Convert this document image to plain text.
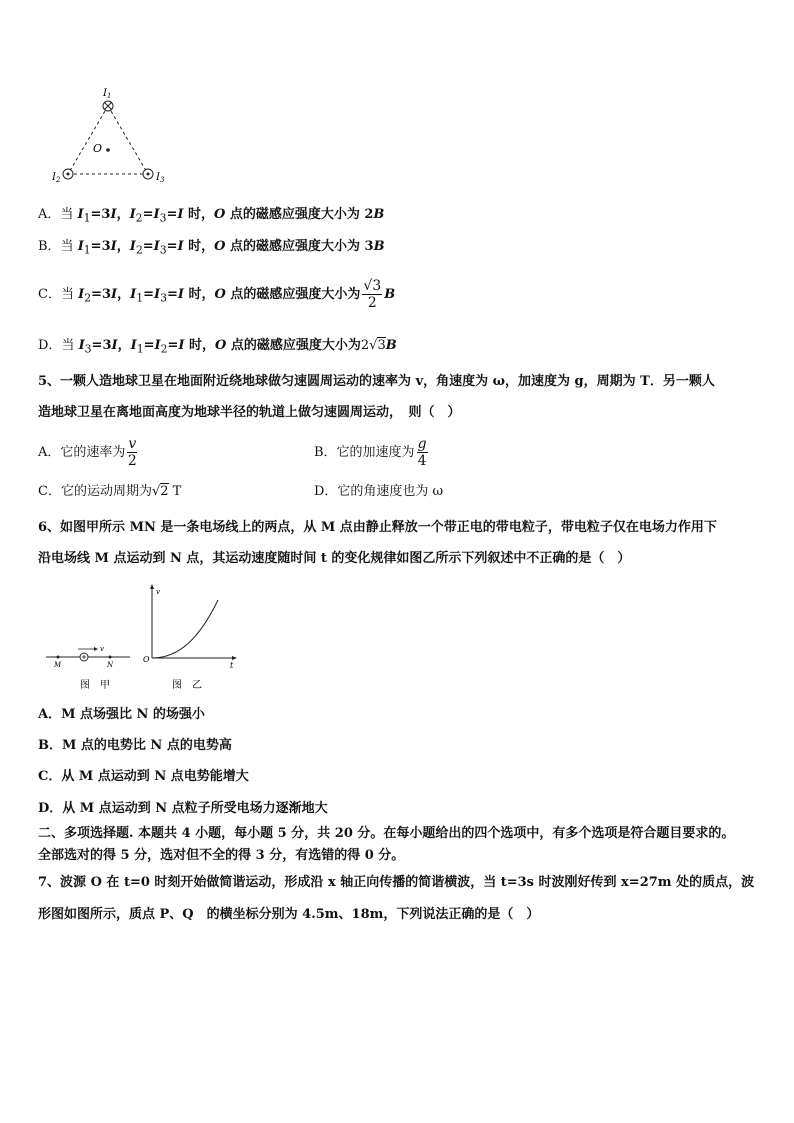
$I_1$
O
$I_2$	$I_3$
A．当 $I_1=3I$，$I_2=I_3=I$ 时，O 点的磁感应强度大小为 2B
B．当 $I_1=3I$，$I_2=I_3=I$ 时，O 点的磁感应强度大小为 3B
C．当 $I_2=3I$，$I_1=I_3=I$ 时，O 点的磁感应强度大小为 $\frac{√3}{2}$ B
D．当 $I_3=3I$，$I_1=I_2=I$ 时，O 点的磁感应强度大小为2√3B
5、一颗人造地球卫星在地面附近绕地球做匀速圆周运动的速率为 v，角速度为 ω，加速度为 g，周期为 T．另一颗人
造地球卫星在离地面高度为地球半径的轨道上做匀速圆周运动，　则（　）
A．它的速率为 $\frac{v}{2}$	B．它的加速度为 $\frac{g}{4}$
C．它的运动周期为√2 T	D．它的角速度也为 ω
6、如图甲所示 MN 是一条电场线上的两点，从 M 点由静止释放一个带正电的带电粒子，带电粒子仅在电场力作用下
沿电场线 M 点运动到 N 点，其运动速度随时间 t 的变化规律如图乙所示下列叙述中不正确的是（　）
v
M	N
图　甲
v
O
t
图　乙
A．M 点场强比 N 的场强小
B．M 点的电势比 N 点的电势高
C．从 M 点运动到 N 点电势能增大
D．从 M 点运动到 N 点粒子所受电场力逐渐地大
二、多项选择题. 本题共 4 小题，每小题 5 分，共 20 分。在每小题给出的四个选项中，有多个选项是符合题目要求的。
全部选对的得 5 分，选对但不全的得 3 分，有选错的得 0 分。
7、波源 O 在 t=0 时刻开始做简谐运动，形成沿 x 轴正向传播的简谐横波，当 t=3s 时波刚好传到 x=27m 处的质点，波
形图如图所示，质点 P、Q　的横坐标分别为 4.5m、18m，下列说法正确的是（　）
